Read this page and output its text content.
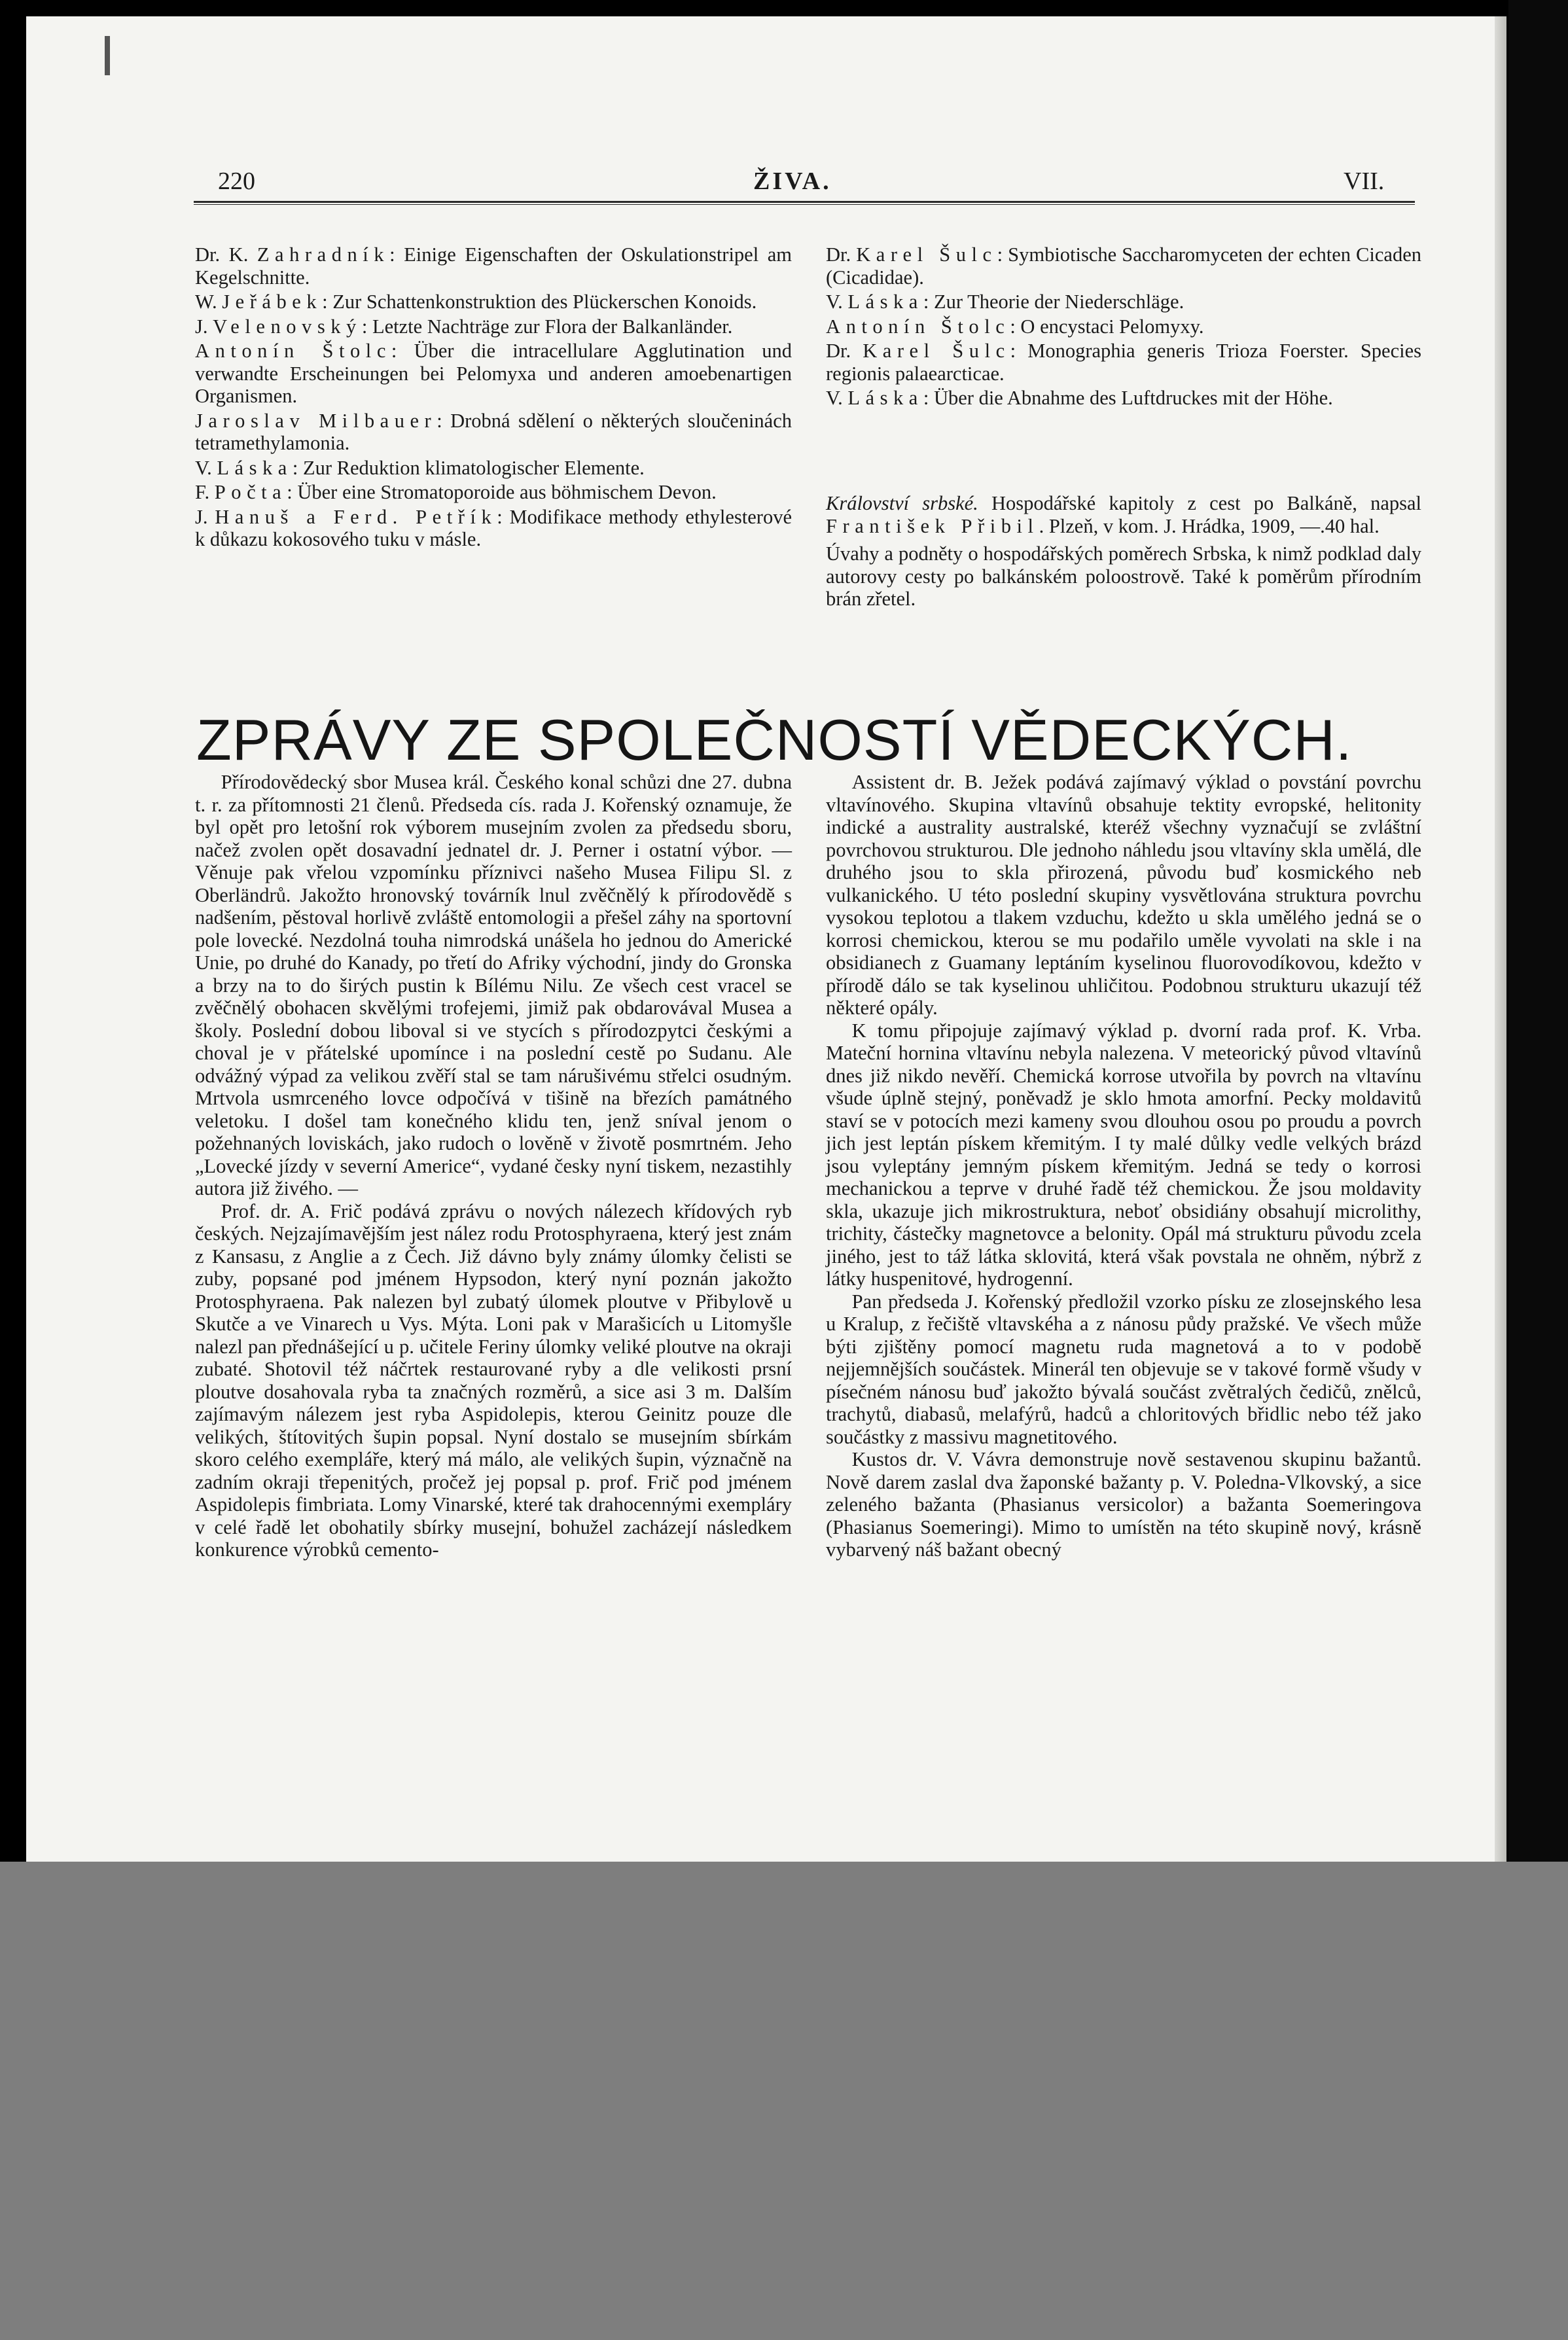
220	ŽIVA.	VII.

Dr. K. Zahradník: Einige Eigenschaften der Oskulationstripel am Kegelschnitte.

W. Jeřábek: Zur Schattenkonstruktion des Plückerschen Konoids.

J. Velenovský: Letzte Nachträge zur Flora der Balkanländer.

Antonín Štolc: Über die intracellulare Agglutination und verwandte Erscheinungen bei Pelomyxa und anderen amoebenartigen Organismen.

Jaroslav Milbauer: Drobná sdělení o některých sloučeninách tetramethylamonia.

V. Láska: Zur Reduktion klimatologischer Elemente.

F. Počta: Über eine Stromatoporoide aus böhmischem Devon.

J. Hanuš a Ferd. Petřík: Modifikace methody ethylesterové k důkazu kokosového tuku v másle.

Dr. Karel Šulc: Symbiotische Saccharomyceten der echten Cicaden (Cicadidae).

V. Láska: Zur Theorie der Niederschläge.

Antonín Štolc: O encystaci Pelomyxy.

Dr. Karel Šulc: Monographia generis Trioza Foerster. Species regionis palaearcticae.

V. Láska: Über die Abnahme des Luftdruckes mit der Höhe.

Království srbské. Hospodářské kapitoly z cest po Balkáně, napsal František Přibil. Plzeň, v kom. J. Hrádka, 1909, —.40 hal.

Úvahy a podněty o hospodářských poměrech Srbska, k nimž podklad daly autorovy cesty po balkánském poloostrově. Také k poměrům přírodním brán zřetel.

ZPRÁVY ZE SPOLEČNOSTÍ VĚDECKÝCH.

Přírodovědecký sbor Musea král. Českého konal schůzi dne 27. dubna t. r. za přítomnosti 21 členů. Předseda cís. rada J. Kořenský oznamuje, že byl opět pro letošní rok výborem musejním zvolen za předsedu sboru, načež zvolen opět dosavadní jednatel dr. J. Perner i ostatní výbor. — Věnuje pak vřelou vzpomínku příznivci našeho Musea Filipu Sl. z Oberländrů. Jakožto hronovský továrník lnul zvěčnělý k přírodovědě s nadšením, pěstoval horlivě zvláště entomologii a přešel záhy na sportovní pole lovecké. Nezdolná touha nimrodská unášela ho jednou do Americké Unie, po druhé do Kanady, po třetí do Afriky východní, jindy do Gronska a brzy na to do širých pustin k Bílému Nilu. Ze všech cest vracel se zvěčnělý obohacen skvělými trofejemi, jimiž pak obdarovával Musea a školy. Poslední dobou liboval si ve stycích s přírodozpytci českými a choval je v přátelské upomínce i na poslední cestě po Sudanu. Ale odvážný výpad za velikou zvěří stal se tam nárušivému střelci osudným. Mrtvola usmrceného lovce odpočívá v tišině na březích památného veletoku. I došel tam konečného klidu ten, jenž sníval jenom o požehnaných loviskách, jako rudoch o lověně v životě posmrtném. Jeho „Lovecké jízdy v severní Americe“, vydané česky nyní tiskem, nezastihly autora již živého. —

Prof. dr. A. Frič podává zprávu o nových nálezech křídových ryb českých. Nejzajímavějším jest nález rodu Protosphyraena, který jest znám z Kansasu, z Anglie a z Čech. Již dávno byly známy úlomky čelisti se zuby, popsané pod jménem Hypsodon, který nyní poznán jakožto Protosphyraena. Pak nalezen byl zubatý úlomek ploutve v Přibylově u Skutče a ve Vinarech u Vys. Mýta. Loni pak v Marašicích u Litomyšle nalezl pan přednášející u p. učitele Feriny úlomky veliké ploutve na okraji zubaté. Shotovil též náčrtek restaurované ryby a dle velikosti prsní ploutve dosahovala ryba ta značných rozměrů, a sice asi 3 m. Dalším zajímavým nálezem jest ryba Aspidolepis, kterou Geinitz pouze dle velikých, štítovitých šupin popsal. Nyní dostalo se musejním sbírkám skoro celého exempláře, který má málo, ale velikých šupin, význačně na zadním okraji třepenitých, pročež jej popsal p. prof. Frič pod jménem Aspidolepis fimbriata. Lomy Vinarské, které tak drahocennými exempláry v celé řadě let obohatily sbírky musejní, bohužel zacházejí následkem konkurence výrobků cemento-

Assistent dr. B. Ježek podává zajímavý výklad o povstání povrchu vltavínového. Skupina vltavínů obsahuje tektity evropské, helitonity indické a australity australské, kteréž všechny vyznačují se zvláštní povrchovou strukturou. Dle jednoho náhledu jsou vltavíny skla umělá, dle druhého jsou to skla přirozená, původu buď kosmického neb vulkanického. U této poslední skupiny vysvětlována struktura povrchu vysokou teplotou a tlakem vzduchu, kdežto u skla umělého jedná se o korrosi chemickou, kterou se mu podařilo uměle vyvolati na skle i na obsidianech z Guamany leptáním kyselinou fluorovodíkovou, kdežto v přírodě dálo se tak kyselinou uhličitou. Podobnou strukturu ukazují též některé opály.

K tomu připojuje zajímavý výklad p. dvorní rada prof. K. Vrba. Mateční hornina vltavínu nebyla nalezena. V meteorický původ vltavínů dnes již nikdo nevěří. Chemická korrose utvořila by povrch na vltavínu všude úplně stejný, poněvadž je sklo hmota amorfní. Pecky moldavitů staví se v potocích mezi kameny svou dlouhou osou po proudu a povrch jich jest leptán pískem křemitým. I ty malé důlky vedle velkých brázd jsou vyleptány jemným pískem křemitým. Jedná se tedy o korrosi mechanickou a teprve v druhé řadě též chemickou. Že jsou moldavity skla, ukazuje jich mikrostruktura, neboť obsidiány obsahují microlithy, trichity, částečky magnetovce a belonity. Opál má strukturu původu zcela jiného, jest to táž látka sklovitá, která však povstala ne ohněm, nýbrž z látky huspenitové, hydrogenní.

Pan předseda J. Kořenský předložil vzorko písku ze zlosejnského lesa u Kralup, z řečiště vltavskéha a z nánosu půdy pražské. Ve všech může býti zjištěny pomocí magnetu ruda magnetová a to v podobě nejjemnějších součástek. Minerál ten objevuje se v takové formě všudy v písečném nánosu buď jakožto bývalá součást zvětralých čedičů, znělců, trachytů, diabasů, melafýrů, hadců a chloritových břidlic nebo též jako součástky z massivu magnetitového.

Kustos dr. V. Vávra demonstruje nově sestavenou skupinu bažantů. Nově darem zaslal dva žaponské bažanty p. V. Poledna-Vlkovský, a sice zeleného bažanta (Phasianus versicolor) a bažanta Soemeringova (Phasianus Soemeringi). Mimo to umístěn na této skupině nový, krásně vybarvený náš bažant obecný
